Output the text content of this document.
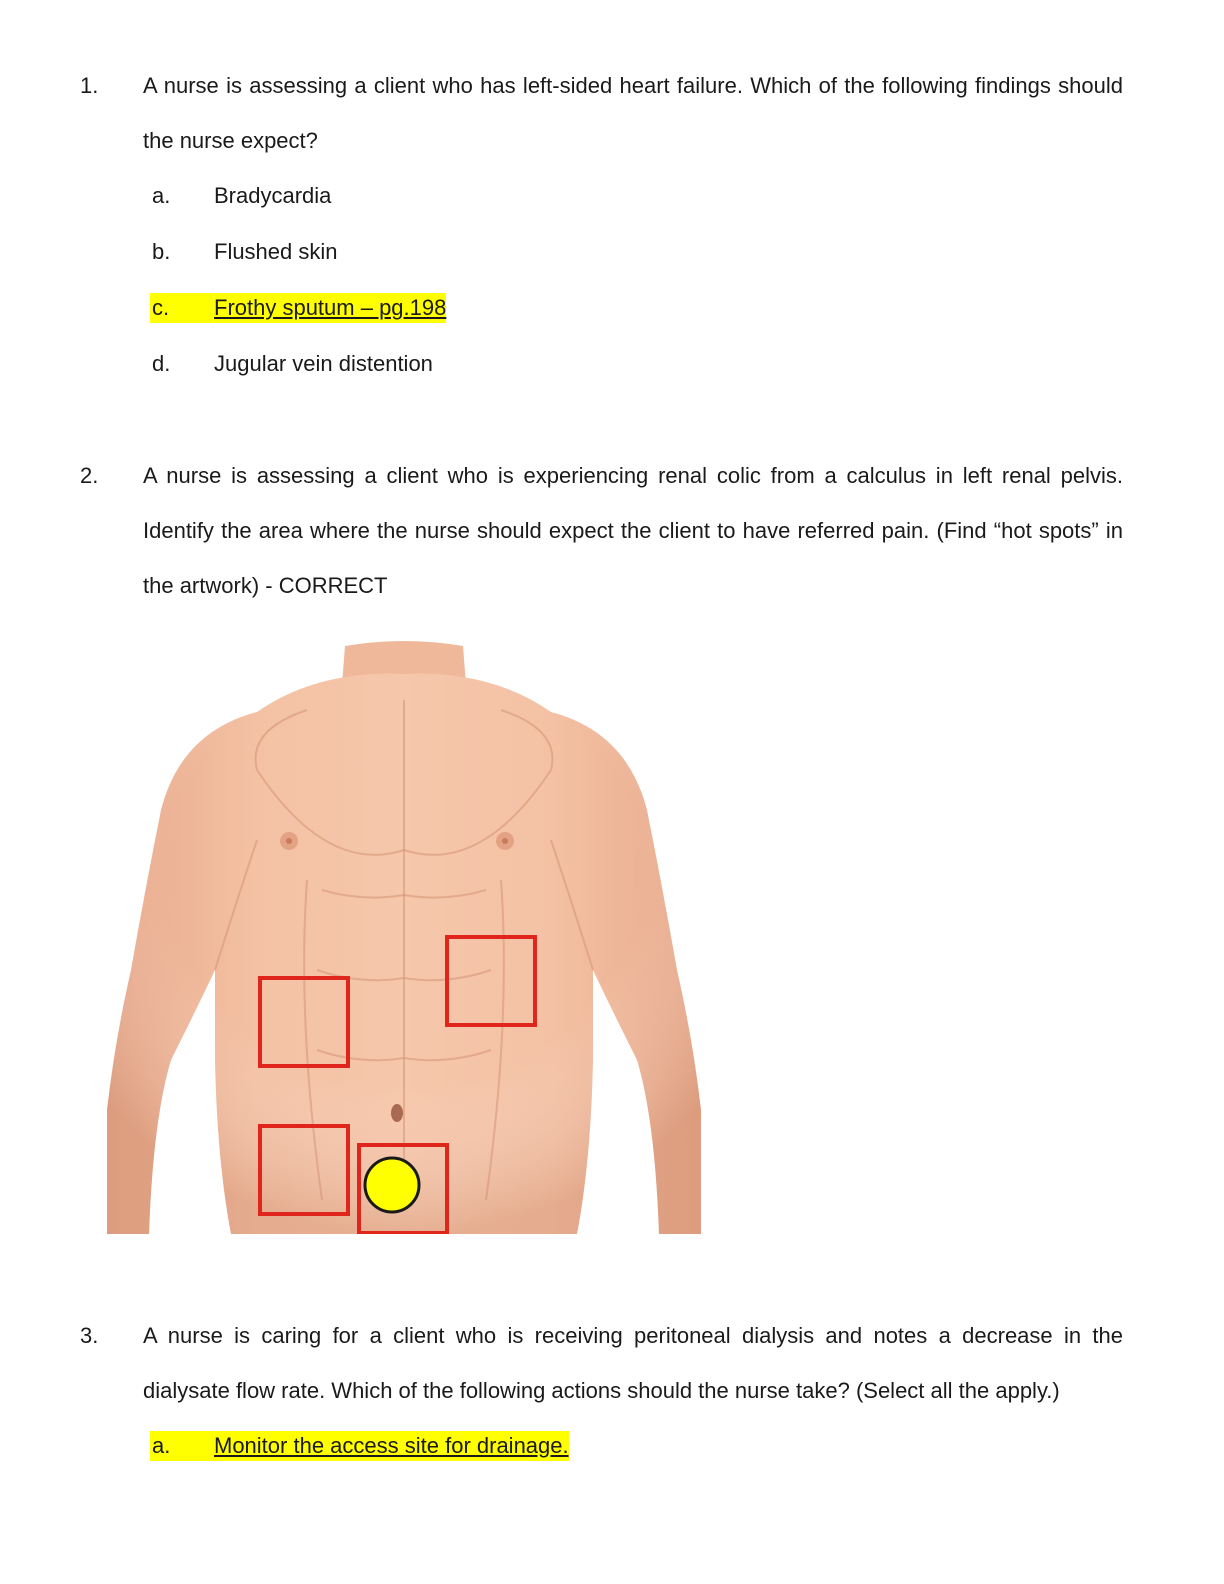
1. A nurse is assessing a client who has left-sided heart failure. Which of the following findings should the nurse expect?
a. Bradycardia
b. Flushed skin
c.	Frothy sputum – pg.198
d. Jugular vein distention
2. A nurse is assessing a client who is experiencing renal colic from a calculus in left renal pelvis. Identify the area where the nurse should expect the client to have referred pain. (Find “hot spots” in the artwork) - CORRECT
3. A nurse is caring for a client who is receiving peritoneal dialysis and notes a decrease in the dialysate flow rate. Which of the following actions should the nurse take? (Select all the apply.)
a.	Monitor the access site for drainage.
